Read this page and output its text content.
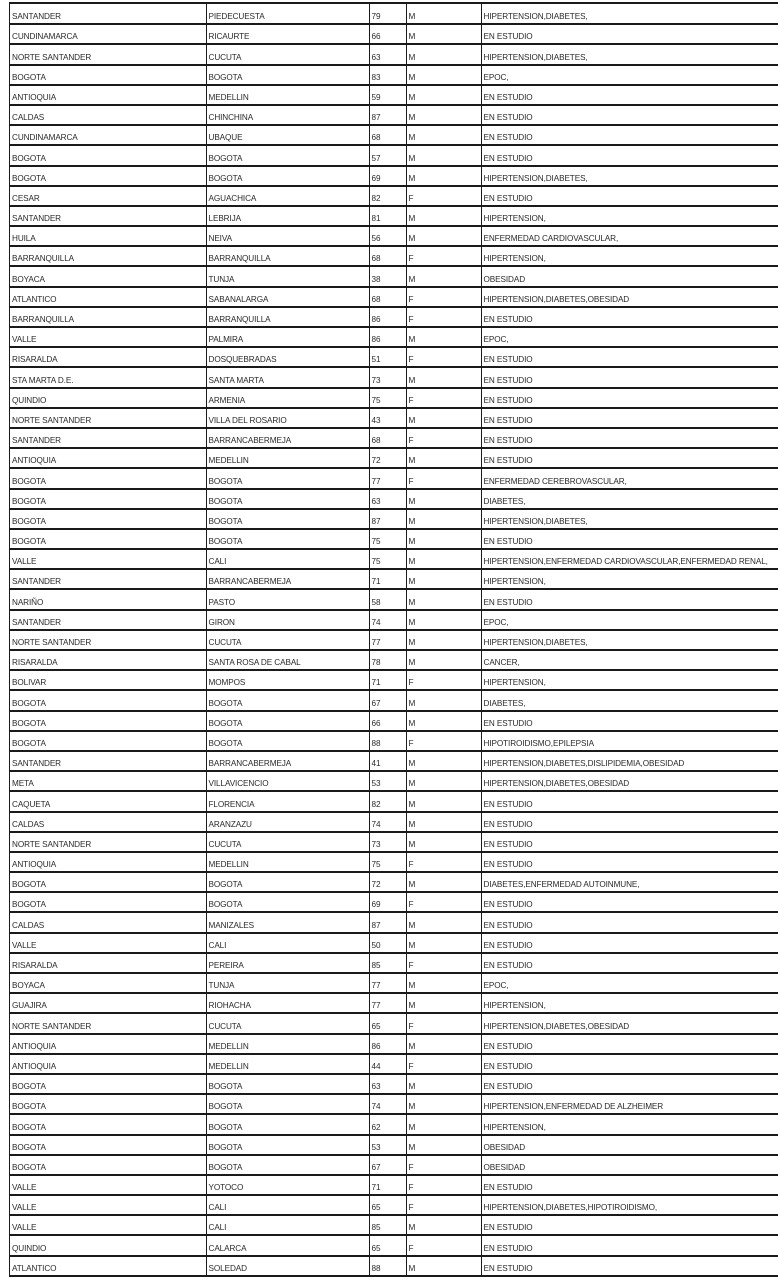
SANTANDER	PIEDECUESTA	79	M	HIPERTENSION,DIABETES,
CUNDINAMARCA	RICAURTE	66	M	EN ESTUDIO
NORTE SANTANDER	CUCUTA	63	M	HIPERTENSION,DIABETES,
BOGOTA	BOGOTA	83	M	EPOC,
ANTIOQUIA	MEDELLIN	59	M	EN ESTUDIO
CALDAS	CHINCHINA	87	M	EN ESTUDIO
CUNDINAMARCA	UBAQUE	68	M	EN ESTUDIO
BOGOTA	BOGOTA	57	M	EN ESTUDIO
BOGOTA	BOGOTA	69	M	HIPERTENSION,DIABETES,
CESAR	AGUACHICA	82	F	EN ESTUDIO
SANTANDER	LEBRIJA	81	M	HIPERTENSION,
HUILA	NEIVA	56	M	ENFERMEDAD CARDIOVASCULAR,
BARRANQUILLA	BARRANQUILLA	68	F	HIPERTENSION,
BOYACA	TUNJA	38	M	OBESIDAD
ATLANTICO	SABANALARGA	68	F	HIPERTENSION,DIABETES,OBESIDAD
BARRANQUILLA	BARRANQUILLA	86	F	EN ESTUDIO
VALLE	PALMIRA	86	M	EPOC,
RISARALDA	DOSQUEBRADAS	51	F	EN ESTUDIO
STA MARTA D.E.	SANTA MARTA	73	M	EN ESTUDIO
QUINDIO	ARMENIA	75	F	EN ESTUDIO
NORTE SANTANDER	VILLA DEL ROSARIO	43	M	EN ESTUDIO
SANTANDER	BARRANCABERMEJA	68	F	EN ESTUDIO
ANTIOQUIA	MEDELLIN	72	M	EN ESTUDIO
BOGOTA	BOGOTA	77	F	ENFERMEDAD CEREBROVASCULAR,
BOGOTA	BOGOTA	63	M	DIABETES,
BOGOTA	BOGOTA	87	M	HIPERTENSION,DIABETES,
BOGOTA	BOGOTA	75	M	EN ESTUDIO
VALLE	CALI	75	M	HIPERTENSION,ENFERMEDAD CARDIOVASCULAR,ENFERMEDAD RENAL,
SANTANDER	BARRANCABERMEJA	71	M	HIPERTENSION,
NARIÑO	PASTO	58	M	EN ESTUDIO
SANTANDER	GIRON	74	M	EPOC,
NORTE SANTANDER	CUCUTA	77	M	HIPERTENSION,DIABETES,
RISARALDA	SANTA ROSA DE CABAL	78	M	CANCER,
BOLIVAR	MOMPOS	71	F	HIPERTENSION,
BOGOTA	BOGOTA	67	M	DIABETES,
BOGOTA	BOGOTA	66	M	EN ESTUDIO
BOGOTA	BOGOTA	88	F	HIPOTIROIDISMO,EPILEPSIA
SANTANDER	BARRANCABERMEJA	41	M	HIPERTENSION,DIABETES,DISLIPIDEMIA,OBESIDAD
META	VILLAVICENCIO	53	M	HIPERTENSION,DIABETES,OBESIDAD
CAQUETA	FLORENCIA	82	M	EN ESTUDIO
CALDAS	ARANZAZU	74	M	EN ESTUDIO
NORTE SANTANDER	CUCUTA	73	M	EN ESTUDIO
ANTIOQUIA	MEDELLIN	75	F	EN ESTUDIO
BOGOTA	BOGOTA	72	M	DIABETES,ENFERMEDAD AUTOINMUNE,
BOGOTA	BOGOTA	69	F	EN ESTUDIO
CALDAS	MANIZALES	87	M	EN ESTUDIO
VALLE	CALI	50	M	EN ESTUDIO
RISARALDA	PEREIRA	85	F	EN ESTUDIO
BOYACA	TUNJA	77	M	EPOC,
GUAJIRA	RIOHACHA	77	M	HIPERTENSION,
NORTE SANTANDER	CUCUTA	65	F	HIPERTENSION,DIABETES,OBESIDAD
ANTIOQUIA	MEDELLIN	86	M	EN ESTUDIO
ANTIOQUIA	MEDELLIN	44	F	EN ESTUDIO
BOGOTA	BOGOTA	63	M	EN ESTUDIO
BOGOTA	BOGOTA	74	M	HIPERTENSION,ENFERMEDAD DE ALZHEIMER
BOGOTA	BOGOTA	62	M	HIPERTENSION,
BOGOTA	BOGOTA	53	M	OBESIDAD
BOGOTA	BOGOTA	67	F	OBESIDAD
VALLE	YOTOCO	71	F	EN ESTUDIO
VALLE	CALI	65	F	HIPERTENSION,DIABETES,HIPOTIROIDISMO,
VALLE	CALI	85	M	EN ESTUDIO
QUINDIO	CALARCA	65	F	EN ESTUDIO
ATLANTICO	SOLEDAD	88	M	EN ESTUDIO
